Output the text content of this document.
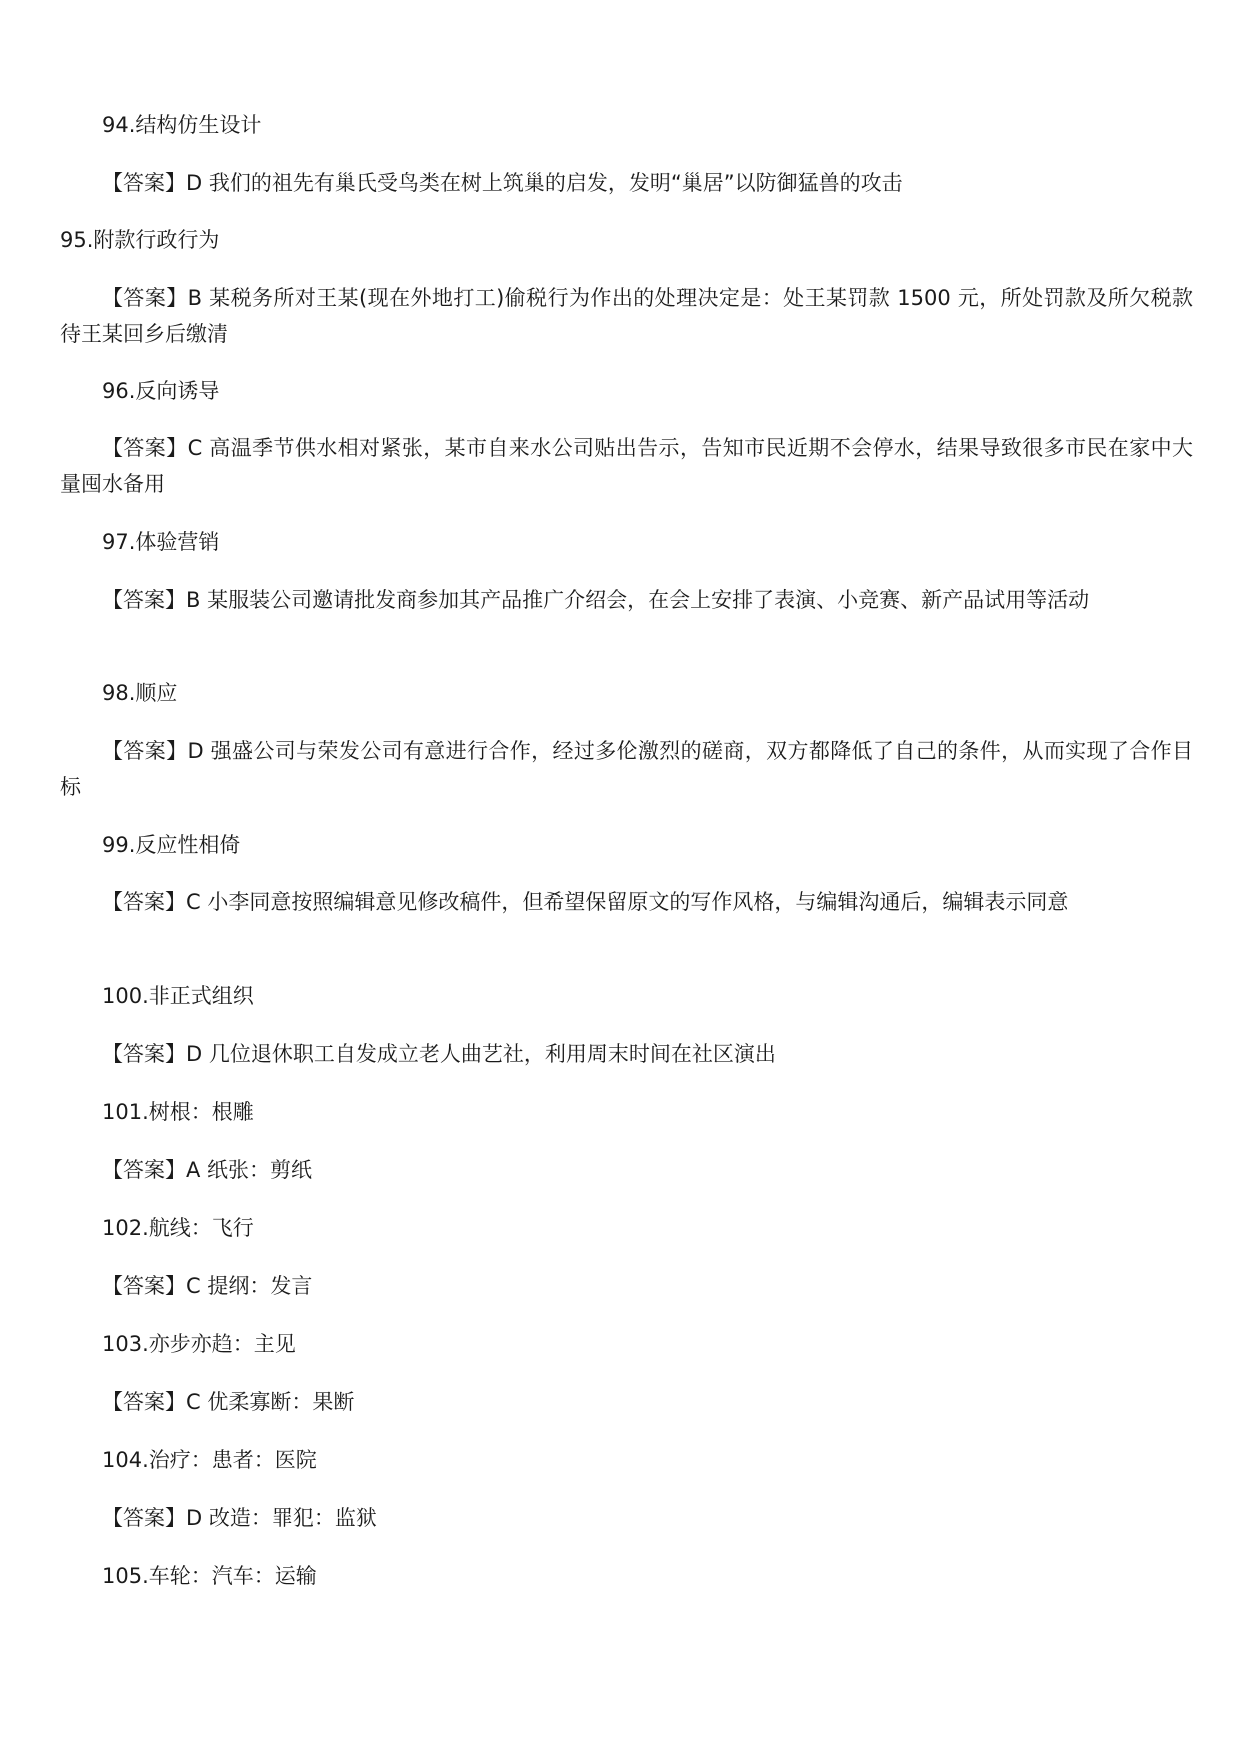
94.结构仿生设计
【答案】D 我们的祖先有巢氏受鸟类在树上筑巢的启发，发明“巢居”以防御猛兽的攻击
95.附款行政行为
【答案】B 某税务所对王某(现在外地打工)偷税行为作出的处理决定是：处王某罚款 1500 元，所处罚款及所欠税款待王某回乡后缴清
96.反向诱导
【答案】C 高温季节供水相对紧张，某市自来水公司贴出告示，告知市民近期不会停水，结果导致很多市民在家中大量囤水备用
97.体验营销
【答案】B 某服装公司邀请批发商参加其产品推广介绍会，在会上安排了表演、小竞赛、新产品试用等活动
98.顺应
【答案】D 强盛公司与荣发公司有意进行合作，经过多伦激烈的磋商，双方都降低了自己的条件，从而实现了合作目标
99.反应性相倚
【答案】C 小李同意按照编辑意见修改稿件，但希望保留原文的写作风格，与编辑沟通后，编辑表示同意
100.非正式组织
【答案】D 几位退休职工自发成立老人曲艺社，利用周末时间在社区演出
101.树根：根雕
【答案】A 纸张：剪纸
102.航线：飞行
【答案】C 提纲：发言
103.亦步亦趋：主见
【答案】C 优柔寡断：果断
104.治疗：患者：医院
【答案】D 改造：罪犯：监狱
105.车轮：汽车：运输
